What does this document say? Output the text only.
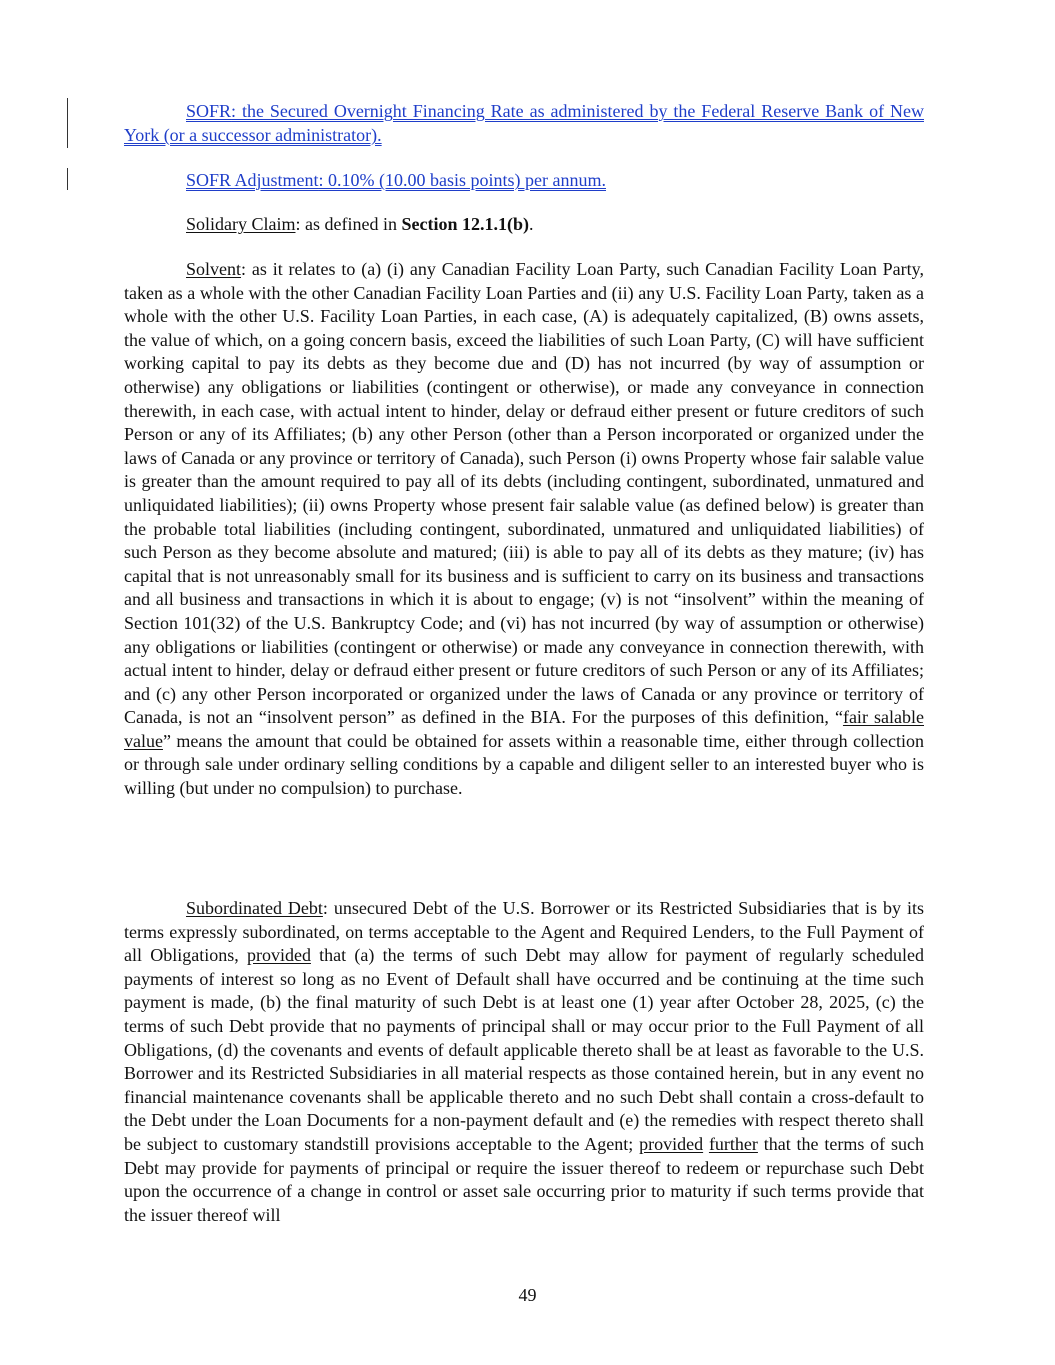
SOFR: the Secured Overnight Financing Rate as administered by the Federal Reserve Bank of New York (or a successor administrator).

SOFR Adjustment: 0.10% (10.00 basis points) per annum.

Solidary Claim: as defined in Section 12.1.1(b).

Solvent: as it relates to (a) (i) any Canadian Facility Loan Party, such Canadian Facility Loan Party, taken as a whole with the other Canadian Facility Loan Parties and (ii) any U.S. Facility Loan Party, taken as a whole with the other U.S. Facility Loan Parties, in each case, (A) is adequately capitalized, (B) owns assets, the value of which, on a going concern basis, exceed the liabilities of such Loan Party, (C) will have sufficient working capital to pay its debts as they become due and (D) has not incurred (by way of assumption or otherwise) any obligations or liabilities (contingent or otherwise), or made any conveyance in connection therewith, in each case, with actual intent to hinder, delay or defraud either present or future creditors of such Person or any of its Affiliates; (b) any other Person (other than a Person incorporated or organized under the laws of Canada or any province or territory of Canada), such Person (i) owns Property whose fair salable value is greater than the amount required to pay all of its debts (including contingent, subordinated, unmatured and unliquidated liabilities); (ii) owns Property whose present fair salable value (as defined below) is greater than the probable total liabilities (including contingent, subordinated, unmatured and unliquidated liabilities) of such Person as they become absolute and matured; (iii) is able to pay all of its debts as they mature; (iv) has capital that is not unreasonably small for its business and is sufficient to carry on its business and transactions and all business and transactions in which it is about to engage; (v) is not “insolvent” within the meaning of Section 101(32) of the U.S. Bankruptcy Code; and (vi) has not incurred (by way of assumption or otherwise) any obligations or liabilities (contingent or otherwise) or made any conveyance in connection therewith, with actual intent to hinder, delay or defraud either present or future creditors of such Person or any of its Affiliates; and (c) any other Person incorporated or organized under the laws of Canada or any province or territory of Canada, is not an “insolvent person” as defined in the BIA. For the purposes of this definition, “fair salable value” means the amount that could be obtained for assets within a reasonable time, either through collection or through sale under ordinary selling conditions by a capable and diligent seller to an interested buyer who is willing (but under no compulsion) to purchase.

Subordinated Debt: unsecured Debt of the U.S. Borrower or its Restricted Subsidiaries that is by its terms expressly subordinated, on terms acceptable to the Agent and Required Lenders, to the Full Payment of all Obligations, provided that (a) the terms of such Debt may allow for payment of regularly scheduled payments of interest so long as no Event of Default shall have occurred and be continuing at the time such payment is made, (b) the final maturity of such Debt is at least one (1) year after October 28, 2025, (c) the terms of such Debt provide that no payments of principal shall or may occur prior to the Full Payment of all Obligations, (d) the covenants and events of default applicable thereto shall be at least as favorable to the U.S. Borrower and its Restricted Subsidiaries in all material respects as those contained herein, but in any event no financial maintenance covenants shall be applicable thereto and no such Debt shall contain a cross-default to the Debt under the Loan Documents for a non-payment default and (e) the remedies with respect thereto shall be subject to customary standstill provisions acceptable to the Agent; provided further that the terms of such Debt may provide for payments of principal or require the issuer thereof to redeem or repurchase such Debt upon the occurrence of a change in control or asset sale occurring prior to maturity if such terms provide that the issuer thereof will

49
